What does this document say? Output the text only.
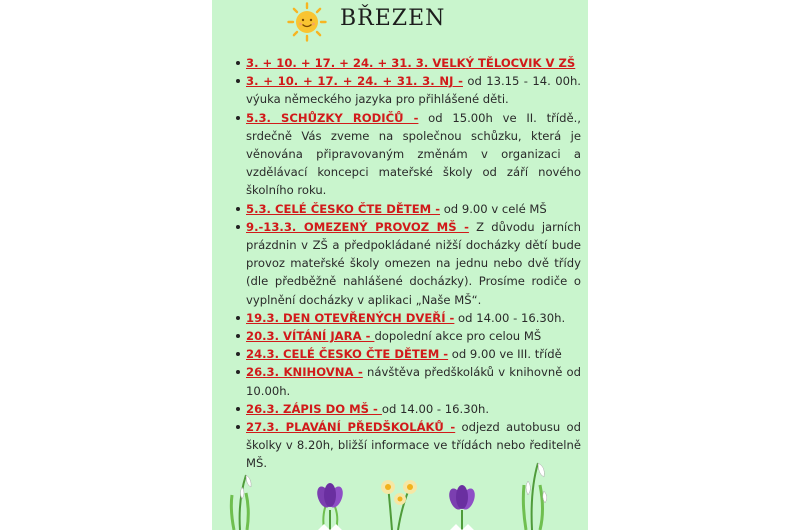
BŘEZEN
3. + 10. + 17. + 24. + 31. 3. VELKÝ TĚLOCVIK V ZŠ
3. + 10. + 17. + 24. + 31. 3. NJ - od 13.15 - 14. 00h. výuka německého jazyka pro přihlášené děti.
5.3. SCHŮZKY RODIČŮ - od 15.00h ve II. třídě., srdečně Vás zveme na společnou schůzku, která je věnována připravovaným změnám v organizaci a vzdělávací koncepci mateřské školy od září nového školního roku.
5.3. CELÉ ČESKO ČTE DĚTEM - od 9.00 v celé MŠ
9.-13.3. OMEZENÝ PROVOZ MŠ - Z důvodu jarních prázdnin v ZŠ a předpokládané nižší docházky dětí bude provoz mateřské školy omezen na jednu nebo dvě třídy (dle předběžně nahlášené docházky). Prosíme rodiče o vyplnění docházky v aplikaci „Naše MŠ“.
19.3. DEN OTEVŘENÝCH DVEŘÍ - od 14.00 - 16.30h.
20.3. VÍTÁNÍ JARA - dopolední akce pro celou MŠ
24.3. CELÉ ČESKO ČTE DĚTEM - od 9.00 ve III. třídě
26.3. KNIHOVNA - návštěva předškoláků v knihovně od 10.00h.
26.3. ZÁPIS DO MŠ - od 14.00 - 16.30h.
27.3. PLAVÁNÍ PŘEDŠKOLÁKŮ - odjezd autobusu od školky v 8.20h, bližší informace ve třídách nebo ředitelně MŠ.
